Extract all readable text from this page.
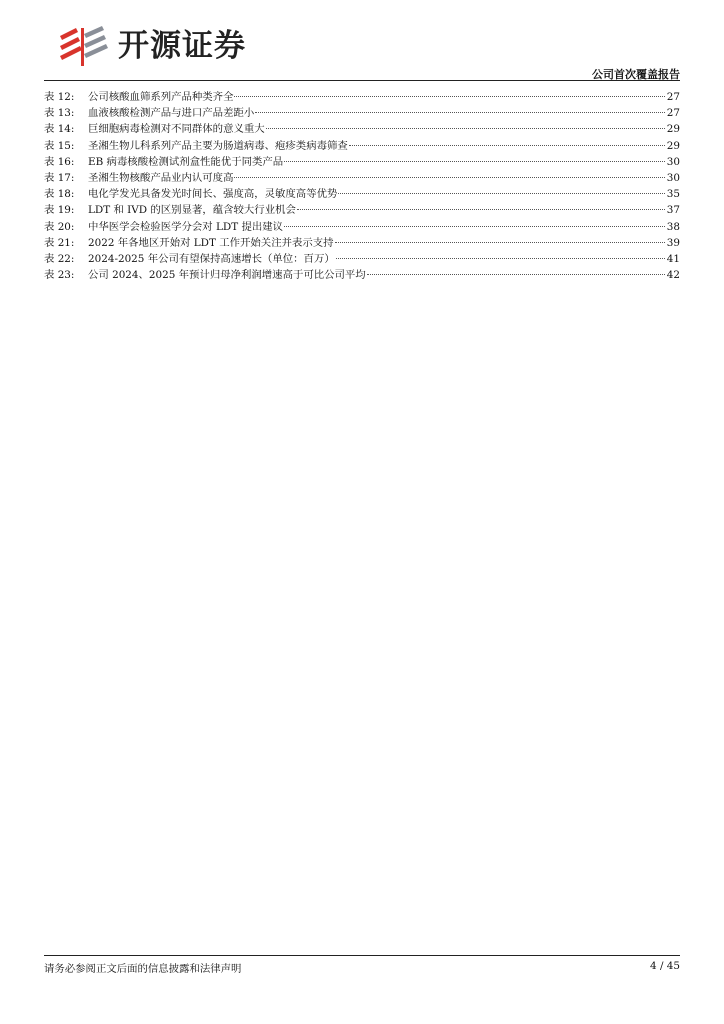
开源证券
公司首次覆盖报告
表 12:	公司核酸血筛系列产品种类齐全	27
表 13:	血液核酸检测产品与进口产品差距小	27
表 14:	巨细胞病毒检测对不同群体的意义重大	29
表 15:	圣湘生物儿科系列产品主要为肠道病毒、疱疹类病毒筛查	29
表 16:	EB 病毒核酸检测试剂盒性能优于同类产品	30
表 17:	圣湘生物核酸产品业内认可度高	30
表 18:	电化学发光具备发光时间长、强度高，灵敏度高等优势	35
表 19:	LDT 和 IVD 的区别显著，蕴含较大行业机会	37
表 20:	中华医学会检验医学分会对 LDT 提出建议	38
表 21:	2022 年各地区开始对 LDT 工作开始关注并表示支持	39
表 22:	2024-2025 年公司有望保持高速增长（单位：百万）	41
表 23:	公司 2024、2025 年预计归母净利润增速高于可比公司平均	42
请务必参阅正文后面的信息披露和法律声明	4 / 45
